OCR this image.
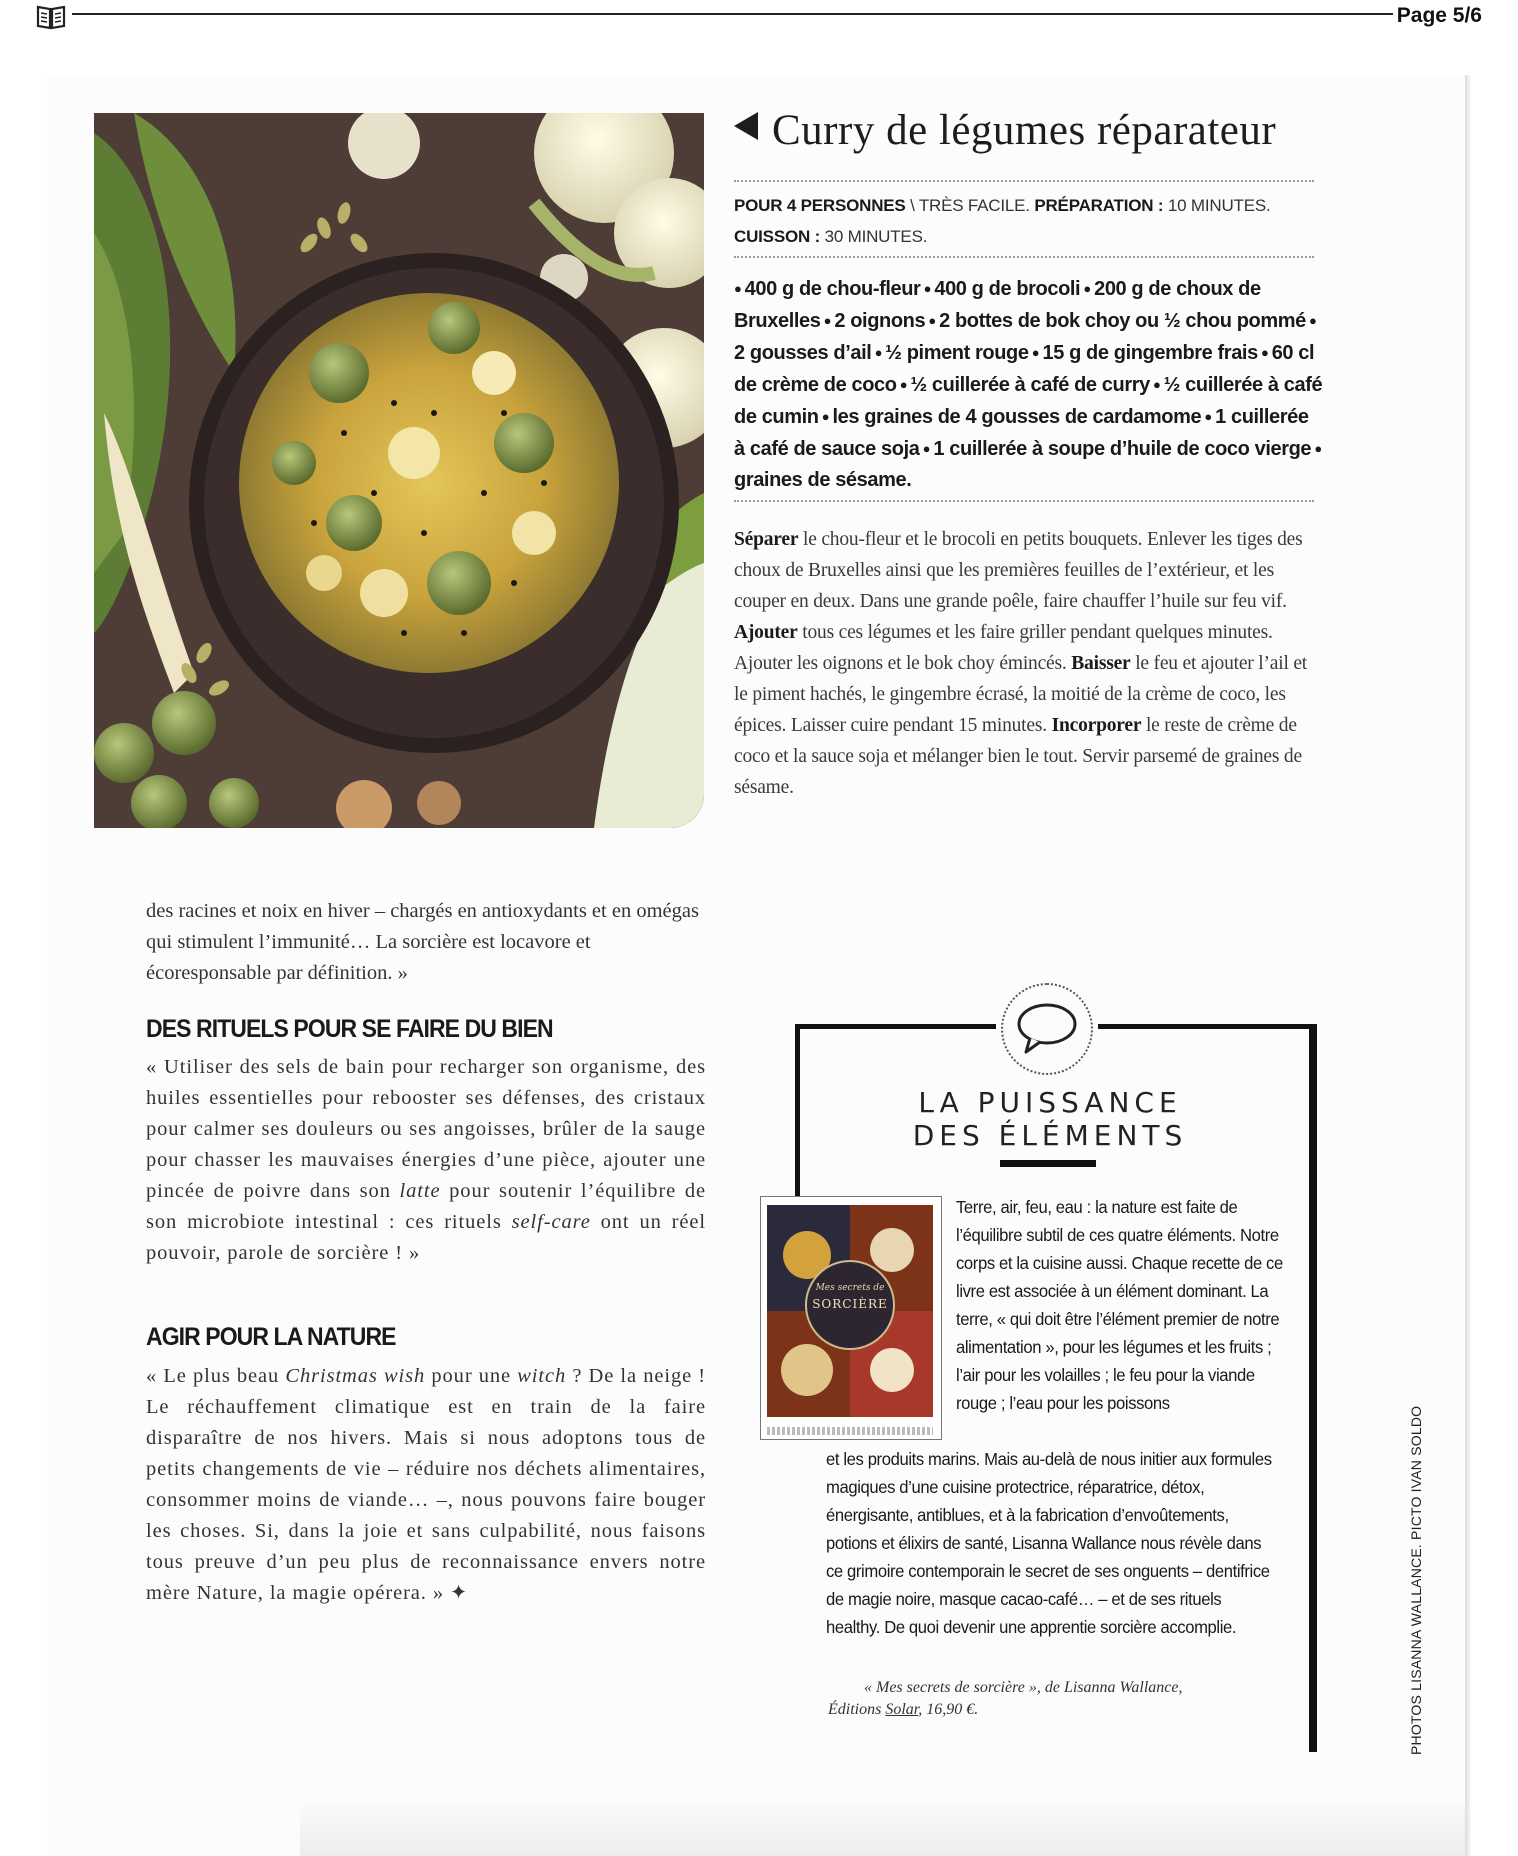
Page 5/6
Curry de légumes réparateur
POUR 4 PERSONNES \ TRÈS FACILE. PRÉPARATION : 10 MINUTES.
CUISSON : 30 MINUTES.
● 400 g de chou-fleur ● 400 g de brocoli ● 200 g de choux de Bruxelles ● 2 oignons ● 2 bottes de bok choy ou ½ chou pommé ● 2 gousses d’ail ● ½ piment rouge ● 15 g de gingembre frais ● 60 cl de crème de coco ● ½ cuillerée à café de curry ● ½ cuillerée à café de cumin ● les graines de 4 gousses de cardamome ● 1 cuillerée à café de sauce soja ● 1 cuillerée à soupe d’huile de coco vierge ● graines de sésame.
Séparer le chou-fleur et le brocoli en petits bouquets. Enlever les tiges des choux de Bruxelles ainsi que les premières feuilles de l’extérieur, et les couper en deux. Dans une grande poêle, faire chauffer l’huile sur feu vif. Ajouter tous ces légumes et les faire griller pendant quelques minutes. Ajouter les oignons et le bok choy émincés. Baisser le feu et ajouter l’ail et le piment hachés, le gingembre écrasé, la moitié de la crème de coco, les épices. Laisser cuire pendant 15 minutes. Incorporer le reste de crème de coco et la sauce soja et mélanger bien le tout. Servir parsemé de graines de sésame.
des racines et noix en hiver – chargés en antioxydants et en omégas qui stimulent l’immunité… La sorcière est locavore et écoresponsable par définition. »
DES RITUELS POUR SE FAIRE DU BIEN
« Utiliser des sels de bain pour recharger son organisme, des huiles essentielles pour rebooster ses défenses, des cristaux pour calmer ses douleurs ou ses angoisses, brûler de la sauge pour chasser les mauvaises énergies d’une pièce, ajouter une pincée de poivre dans son latte pour soutenir l’équilibre de son microbiote intestinal : ces rituels self-care ont un réel pouvoir, parole de sorcière ! »
AGIR POUR LA NATURE
« Le plus beau Christmas wish pour une witch ? De la neige ! Le réchauffement climatique est en train de la faire disparaître de nos hivers. Mais si nous adoptons tous de petits changements de vie – réduire nos déchets alimentaires, consommer moins de viande… –, nous pouvons faire bouger les choses. Si, dans la joie et sans culpabilité, nous faisons tous preuve d’un peu plus de reconnaissance envers notre mère Nature, la magie opérera. » ✦
LA PUISSANCE
DES ÉLÉMENTS
Mes secrets de
SORCIÈRE
Terre, air, feu, eau : la nature est faite de l’équilibre subtil de ces quatre éléments. Notre corps et la cuisine aussi. Chaque recette de ce livre est associée à un élément dominant. La terre, « qui doit être l’élément premier de notre alimentation », pour les légumes et les fruits ; l’air pour les volailles ; le feu pour la viande rouge ; l’eau pour les poissons
et les produits marins. Mais au-delà de nous initier aux formules magiques d’une cuisine protectrice, réparatrice, détox, énergisante, antiblues, et à la fabrication d’envoûtements, potions et élixirs de santé, Lisanna Wallance nous révèle dans ce grimoire contemporain le secret de ses onguents – dentifrice de magie noire, masque cacao-café… – et de ses rituels healthy. De quoi devenir une apprentie sorcière accomplie.
« Mes secrets de sorcière », de Lisanna Wallance,
Éditions Solar, 16,90 €.	PHOTOS LISANNA WALLANCE. PICTO IVAN SOLDO
